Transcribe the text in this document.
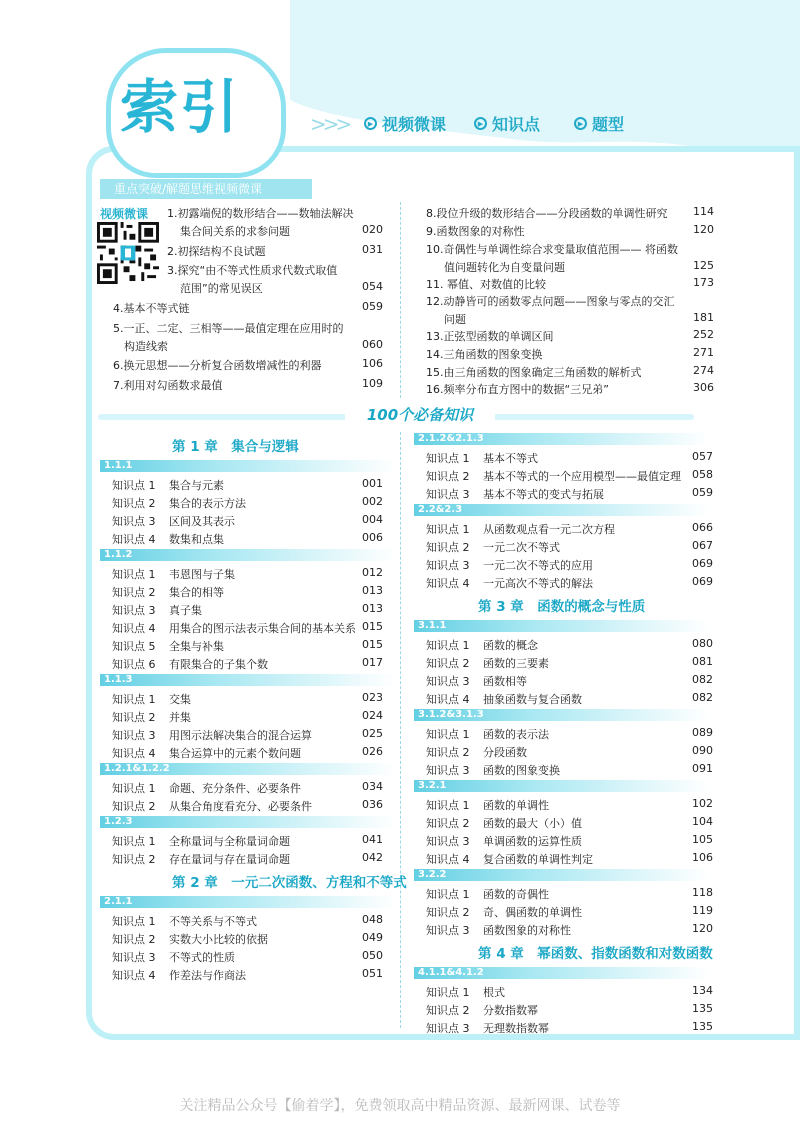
索引	>>>	▶ 视频微课	▶ 知识点	▶ 题型
重点突破/解题思维视频微课
视频微课 1.初露端倪的数形结合——数轴法解决
集合间关系的求参问题	020
2.初探结构不良试题	031
3.探究“由不等式性质求代数式取值
范围”的常见误区	054
4.基本不等式链	059
5.一正、二定、三相等——最值定理在应用时的
构造线索	060
6.换元思想——分析复合函数增减性的利器	106
7.利用对勾函数求最值	109
8.段位升级的数形结合——分段函数的单调性研究 114
9.函数图象的对称性	120
10.奇偶性与单调性综合求变量取值范围—— 将函数
值问题转化为自变量问题	125
11. 幂值、对数值的比较	173
12.动静皆可的函数零点问题——图象与零点的交汇
问题	181
13.正弦型函数的单调区间	252
14.三角函数的图象变换	271
15.由三角函数的图象确定三角函数的解析式	274
16.频率分布直方图中的数据“三兄弟”	306
100个必备知识
第 1 章　集合与逻辑
1.1.1
知识点 1 集合与元素	001
知识点 2 集合的表示方法	002
知识点 3 区间及其表示	004
知识点 4 数集和点集	006
1.1.2
知识点 1 韦恩图与子集	012
知识点 2 集合的相等	013
知识点 3 真子集	013
知识点 4 用集合的图示法表示集合间的基本关系 015
知识点 5 全集与补集	015
知识点 6 有限集合的子集个数	017
1.1.3
知识点 1 交集	023
知识点 2 并集	024
知识点 3 用图示法解决集合的混合运算	025
知识点 4 集合运算中的元素个数问题	026
1.2.1&1.2.2
知识点 1 命题、充分条件、必要条件	034
知识点 2 从集合角度看充分、必要条件	036
1.2.3
知识点 1 全称量词与全称量词命题	041
知识点 2 存在量词与存在量词命题	042
第 2 章　一元二次函数、方程和不等式
2.1.1
知识点 1 不等关系与不等式	048
知识点 2 实数大小比较的依据	049
知识点 3 不等式的性质	050
知识点 4 作差法与作商法	051
2.1.2&2.1.3
知识点 1 基本不等式	057
知识点 2 基本不等式的一个应用模型——最值定理	058
知识点 3 基本不等式的变式与拓展	059
2.2&2.3
知识点 1 从函数观点看一元二次方程	066
知识点 2 一元二次不等式	067
知识点 3 一元二次不等式的应用	069
知识点 4 一元高次不等式的解法	069
第 3 章　函数的概念与性质
3.1.1
知识点 1 函数的概念	080
知识点 2 函数的三要素	081
知识点 3 函数相等	082
知识点 4 抽象函数与复合函数	082
3.1.2&3.1.3
知识点 1 函数的表示法	089
知识点 2 分段函数	090
知识点 3 函数的图象变换	091
3.2.1
知识点 1 函数的单调性	102
知识点 2 函数的最大（小）值	104
知识点 3 单调函数的运算性质	105
知识点 4 复合函数的单调性判定	106
3.2.2
知识点 1 函数的奇偶性	118
知识点 2 奇、偶函数的单调性	119
知识点 3 函数图象的对称性	120
第 4 章　幂函数、指数函数和对数函数
4.1.1&4.1.2
知识点 1 根式	134
知识点 2 分数指数幂	135
知识点 3 无理数指数幂	135
关注精品公众号【偷着学】，免费领取高中精品资源、最新网课、试卷等
